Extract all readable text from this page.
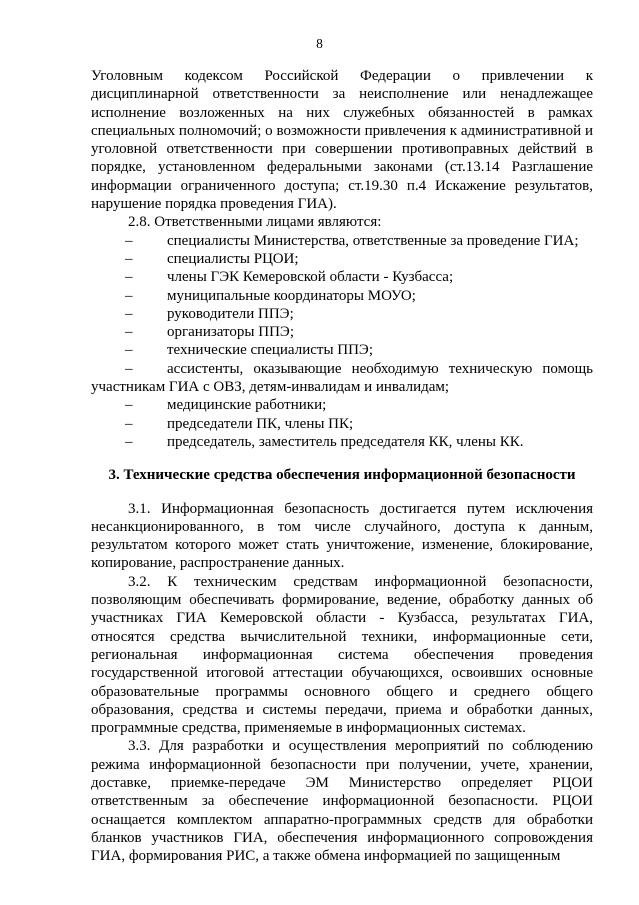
8

Уголовным кодексом Российской Федерации о привлечении к дисциплинарной ответственности за неисполнение или ненадлежащее исполнение возложенных на них служебных обязанностей в рамках специальных полномочий; о возможности привлечения к административной и уголовной ответственности при совершении противоправных действий в порядке, установленном федеральными законами (ст.13.14 Разглашение информации ограниченного доступа; ст.19.30 п.4 Искажение результатов, нарушение порядка проведения ГИА).

2.8. Ответственными лицами являются:

– специалисты Министерства, ответственные за проведение ГИА;

– специалисты РЦОИ;

– члены ГЭК Кемеровской области - Кузбасса;

– муниципальные координаторы МОУО;

– руководители ППЭ;

– организаторы ППЭ;

– технические специалисты ППЭ;

– ассистенты, оказывающие необходимую техническую помощь участникам ГИА с ОВЗ, детям-инвалидам и инвалидам;

– медицинские работники;

– председатели ПК, члены ПК;

– председатель, заместитель председателя КК, члены КК.

3. Технические средства обеспечения информационной безопасности

3.1. Информационная безопасность достигается путем исключения несанкционированного, в том числе случайного, доступа к данным, результатом которого может стать уничтожение, изменение, блокирование, копирование, распространение данных.

3.2. К техническим средствам информационной безопасности, позволяющим обеспечивать формирование, ведение, обработку данных об участниках ГИА Кемеровской области - Кузбасса, результатах ГИА, относятся средства вычислительной техники, информационные сети, региональная информационная система обеспечения проведения государственной итоговой аттестации обучающихся, освоивших основные образовательные программы основного общего и среднего общего образования, средства и системы передачи, приема и обработки данных, программные средства, применяемые в информационных системах.

3.3. Для разработки и осуществления мероприятий по соблюдению режима информационной безопасности при получении, учете, хранении, доставке, приемке-передаче ЭМ Министерство определяет РЦОИ ответственным за обеспечение информационной безопасности. РЦОИ оснащается комплектом аппаратно-программных средств для обработки бланков участников ГИА, обеспечения информационного сопровождения ГИА, формирования РИС, а также обмена информацией по защищенным
